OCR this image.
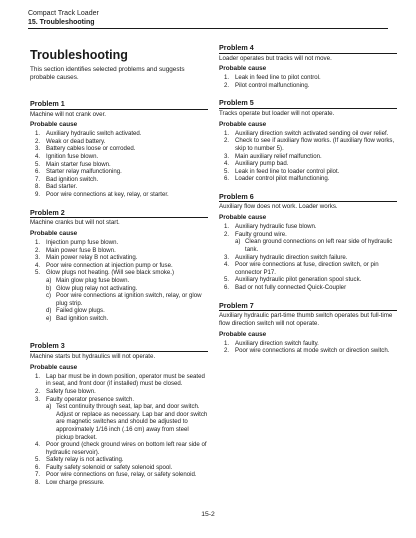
Compact Track Loader
15. Troubleshooting
Troubleshooting
This section identifies selected problems and suggests probable causes.
Problem 1
Machine will not crank over.
Probable cause
1. Auxiliary hydraulic switch activated.
2. Weak or dead battery.
3. Battery cables loose or corroded.
4. Ignition fuse blown.
5. Main starter fuse blown.
6. Starter relay malfunctioning.
7. Bad ignition switch.
8. Bad starter.
9. Poor wire connections at key, relay, or starter.
Problem 2
Machine cranks but will not start.
Probable cause
1. Injection pump fuse blown.
2. Main power fuse B blown.
3. Main power relay B not activating.
4. Poor wire connection at injection pump or fuse.
5. Glow plugs not heating. (Will see black smoke.)
a) Main glow plug fuse blown.
b) Glow plug relay not activating.
c) Poor wire connections at ignition switch, relay, or glow plug strip.
d) Failed glow plugs.
e) Bad ignition switch.
Problem 3
Machine starts but hydraulics will not operate.
Probable cause
1. Lap bar must be in down position, operator must be seated in seat, and front door (if installed) must be closed.
2. Safety fuse blown.
3. Faulty operator presence switch.
a) Test continuity through seat, lap bar, and door switch. Adjust or replace as necessary. Lap bar and door switch are magnetic switches and should be adjusted to approximately 1/16 inch (.16 cm) away from steel pickup bracket.
4. Poor ground (check ground wires on bottom left rear side of hydraulic reservoir).
5. Safety relay is not activating.
6. Faulty safety solenoid or safety solenoid spool.
7. Poor wire connections on fuse, relay, or safety solenoid.
8. Low charge pressure.
Problem 4
Loader operates but tracks will not move.
Probable cause
1. Leak in feed line to pilot control.
2. Pilot control malfunctioning.
Problem 5
Tracks operate but loader will not operate.
Probable cause
1. Auxiliary direction switch activated sending oil over relief.
2. Check to see if auxiliary flow works. (If auxiliary flow works, skip to number 5).
3. Main auxiliary relief malfunction.
4. Auxiliary pump bad.
5. Leak in feed line to loader control pilot.
6. Loader control pilot malfunctioning.
Problem 6
Auxiliary flow does not work. Loader works.
Probable cause
1. Auxiliary hydraulic fuse blown.
2. Faulty ground wire.
a) Clean ground connections on left rear side of hydraulic tank.
3. Auxiliary hydraulic direction switch failure.
4. Poor wire connections at fuse, direction switch, or pin connector P17.
5. Auxiliary hydraulic pilot generation spool stuck.
6. Bad or not fully connected Quick-Coupler
Problem 7
Auxiliary hydraulic part-time thumb switch operates but full-time flow direction switch will not operate.
Probable cause
1. Auxiliary direction switch faulty.
2. Poor wire connections at mode switch or direction switch.
15-2
